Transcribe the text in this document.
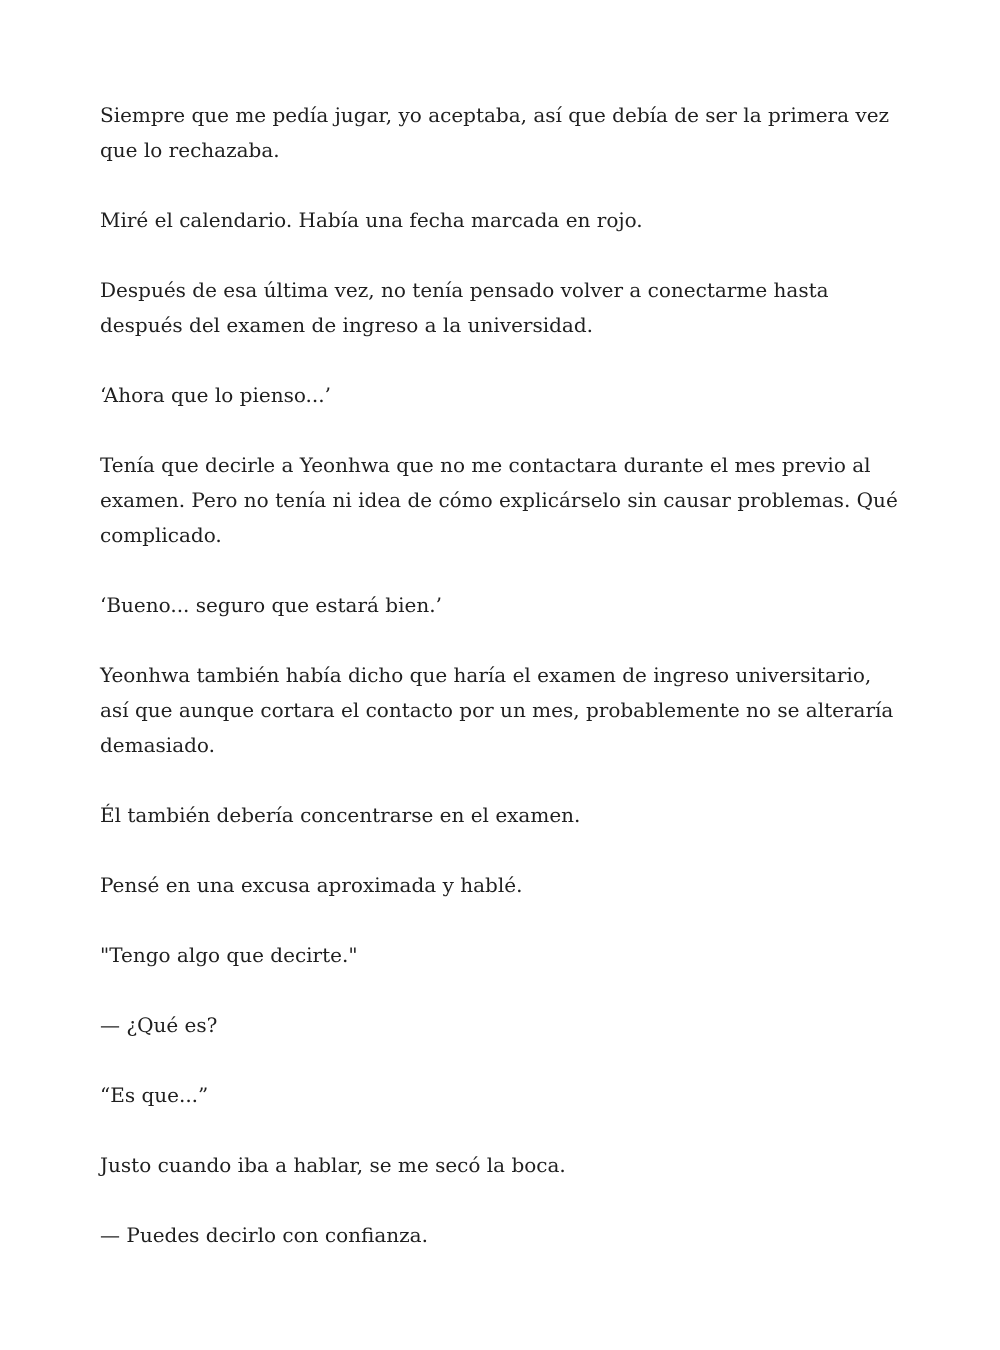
Siempre que me pedía jugar, yo aceptaba, así que debía de ser la primera vez que lo rechazaba.

Miré el calendario. Había una fecha marcada en rojo.

Después de esa última vez, no tenía pensado volver a conectarme hasta después del examen de ingreso a la universidad.

‘Ahora que lo pienso...’

Tenía que decirle a Yeonhwa que no me contactara durante el mes previo al examen. Pero no tenía ni idea de cómo explicárselo sin causar problemas. Qué complicado.

‘Bueno... seguro que estará bien.’

Yeonhwa también había dicho que haría el examen de ingreso universitario, así que aunque cortara el contacto por un mes, probablemente no se alteraría demasiado.

Él también debería concentrarse en el examen.

Pensé en una excusa aproximada y hablé.

"Tengo algo que decirte."

— ¿Qué es?

“Es que...”

Justo cuando iba a hablar, se me secó la boca.

— Puedes decirlo con confianza.
